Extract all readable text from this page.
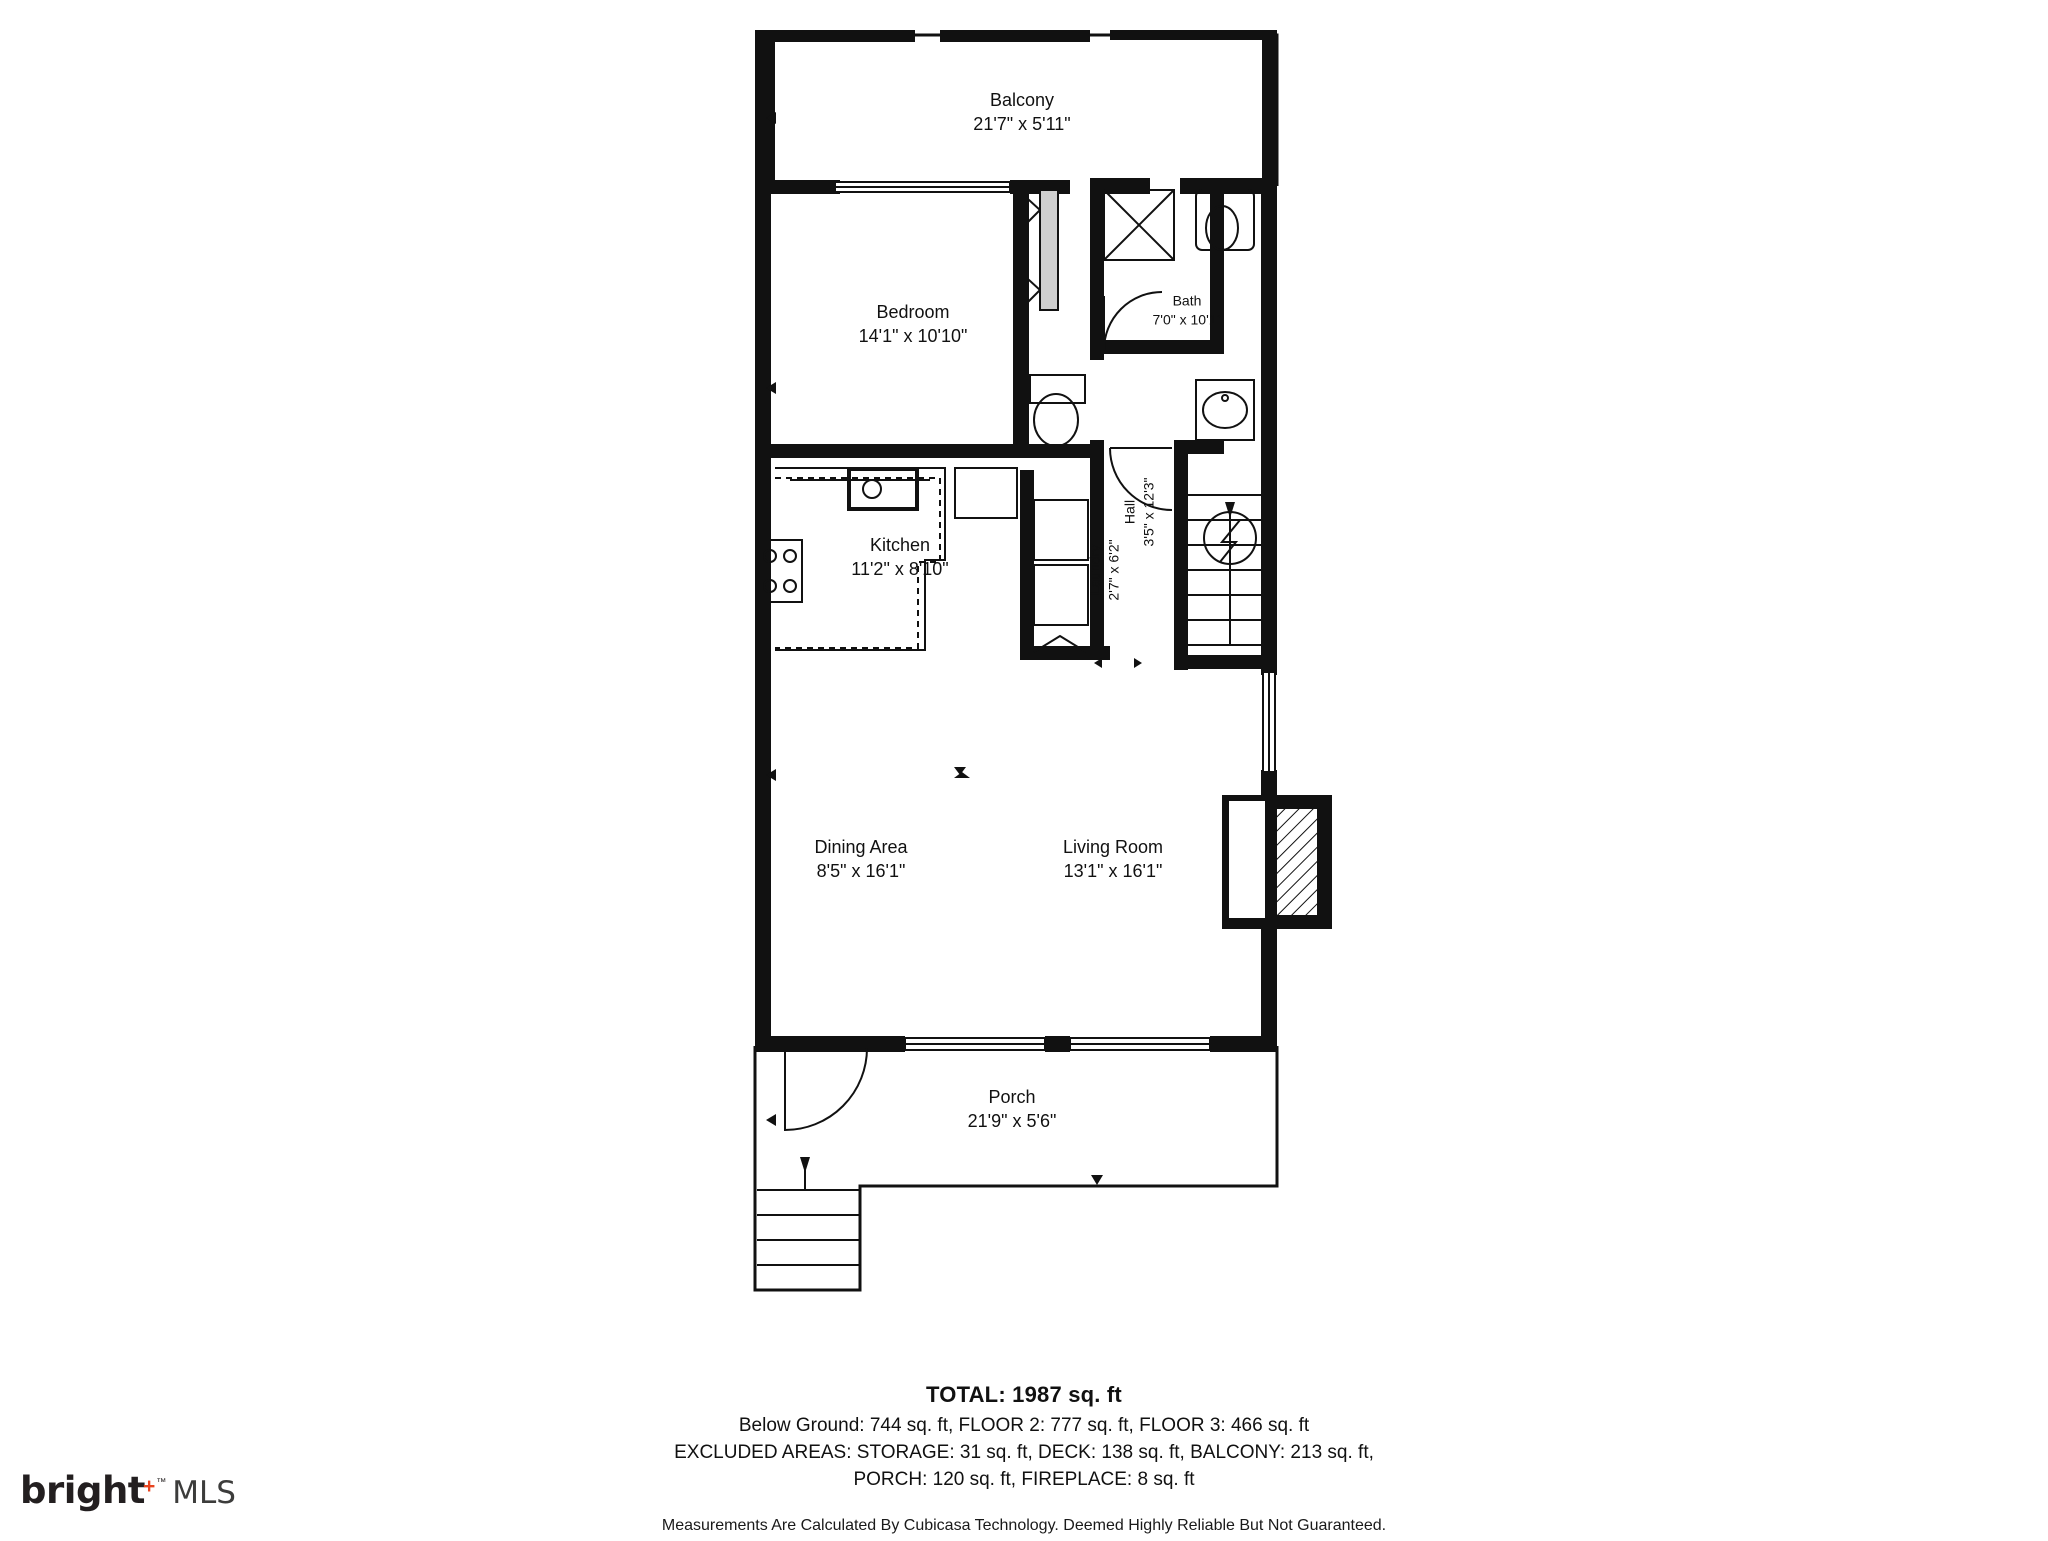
Balcony
21'7" x 5'11"
Bedroom
14'1" x 10'10"
Bath
7'0" x 10'1"
Kitchen
11'2" x 8'10"	Laundry 2'7" x 6'2"
Hall 3'5" x 12'3"
Dining Area
8'5" x 16'1"
Living Room
13'1" x 16'1"
Porch
21'9" x 5'6"
TOTAL: 1987 sq. ft
Below Ground: 744 sq. ft, FLOOR 2: 777 sq. ft, FLOOR 3: 466 sq. ft
EXCLUDED AREAS: STORAGE: 31 sq. ft, DECK: 138 sq. ft, BALCONY: 213 sq. ft,
PORCH: 120 sq. ft, FIREPLACE: 8 sq. ft
Measurements Are Calculated By Cubicasa Technology. Deemed Highly Reliable But Not Guaranteed.
bright
+ ™ MLS
